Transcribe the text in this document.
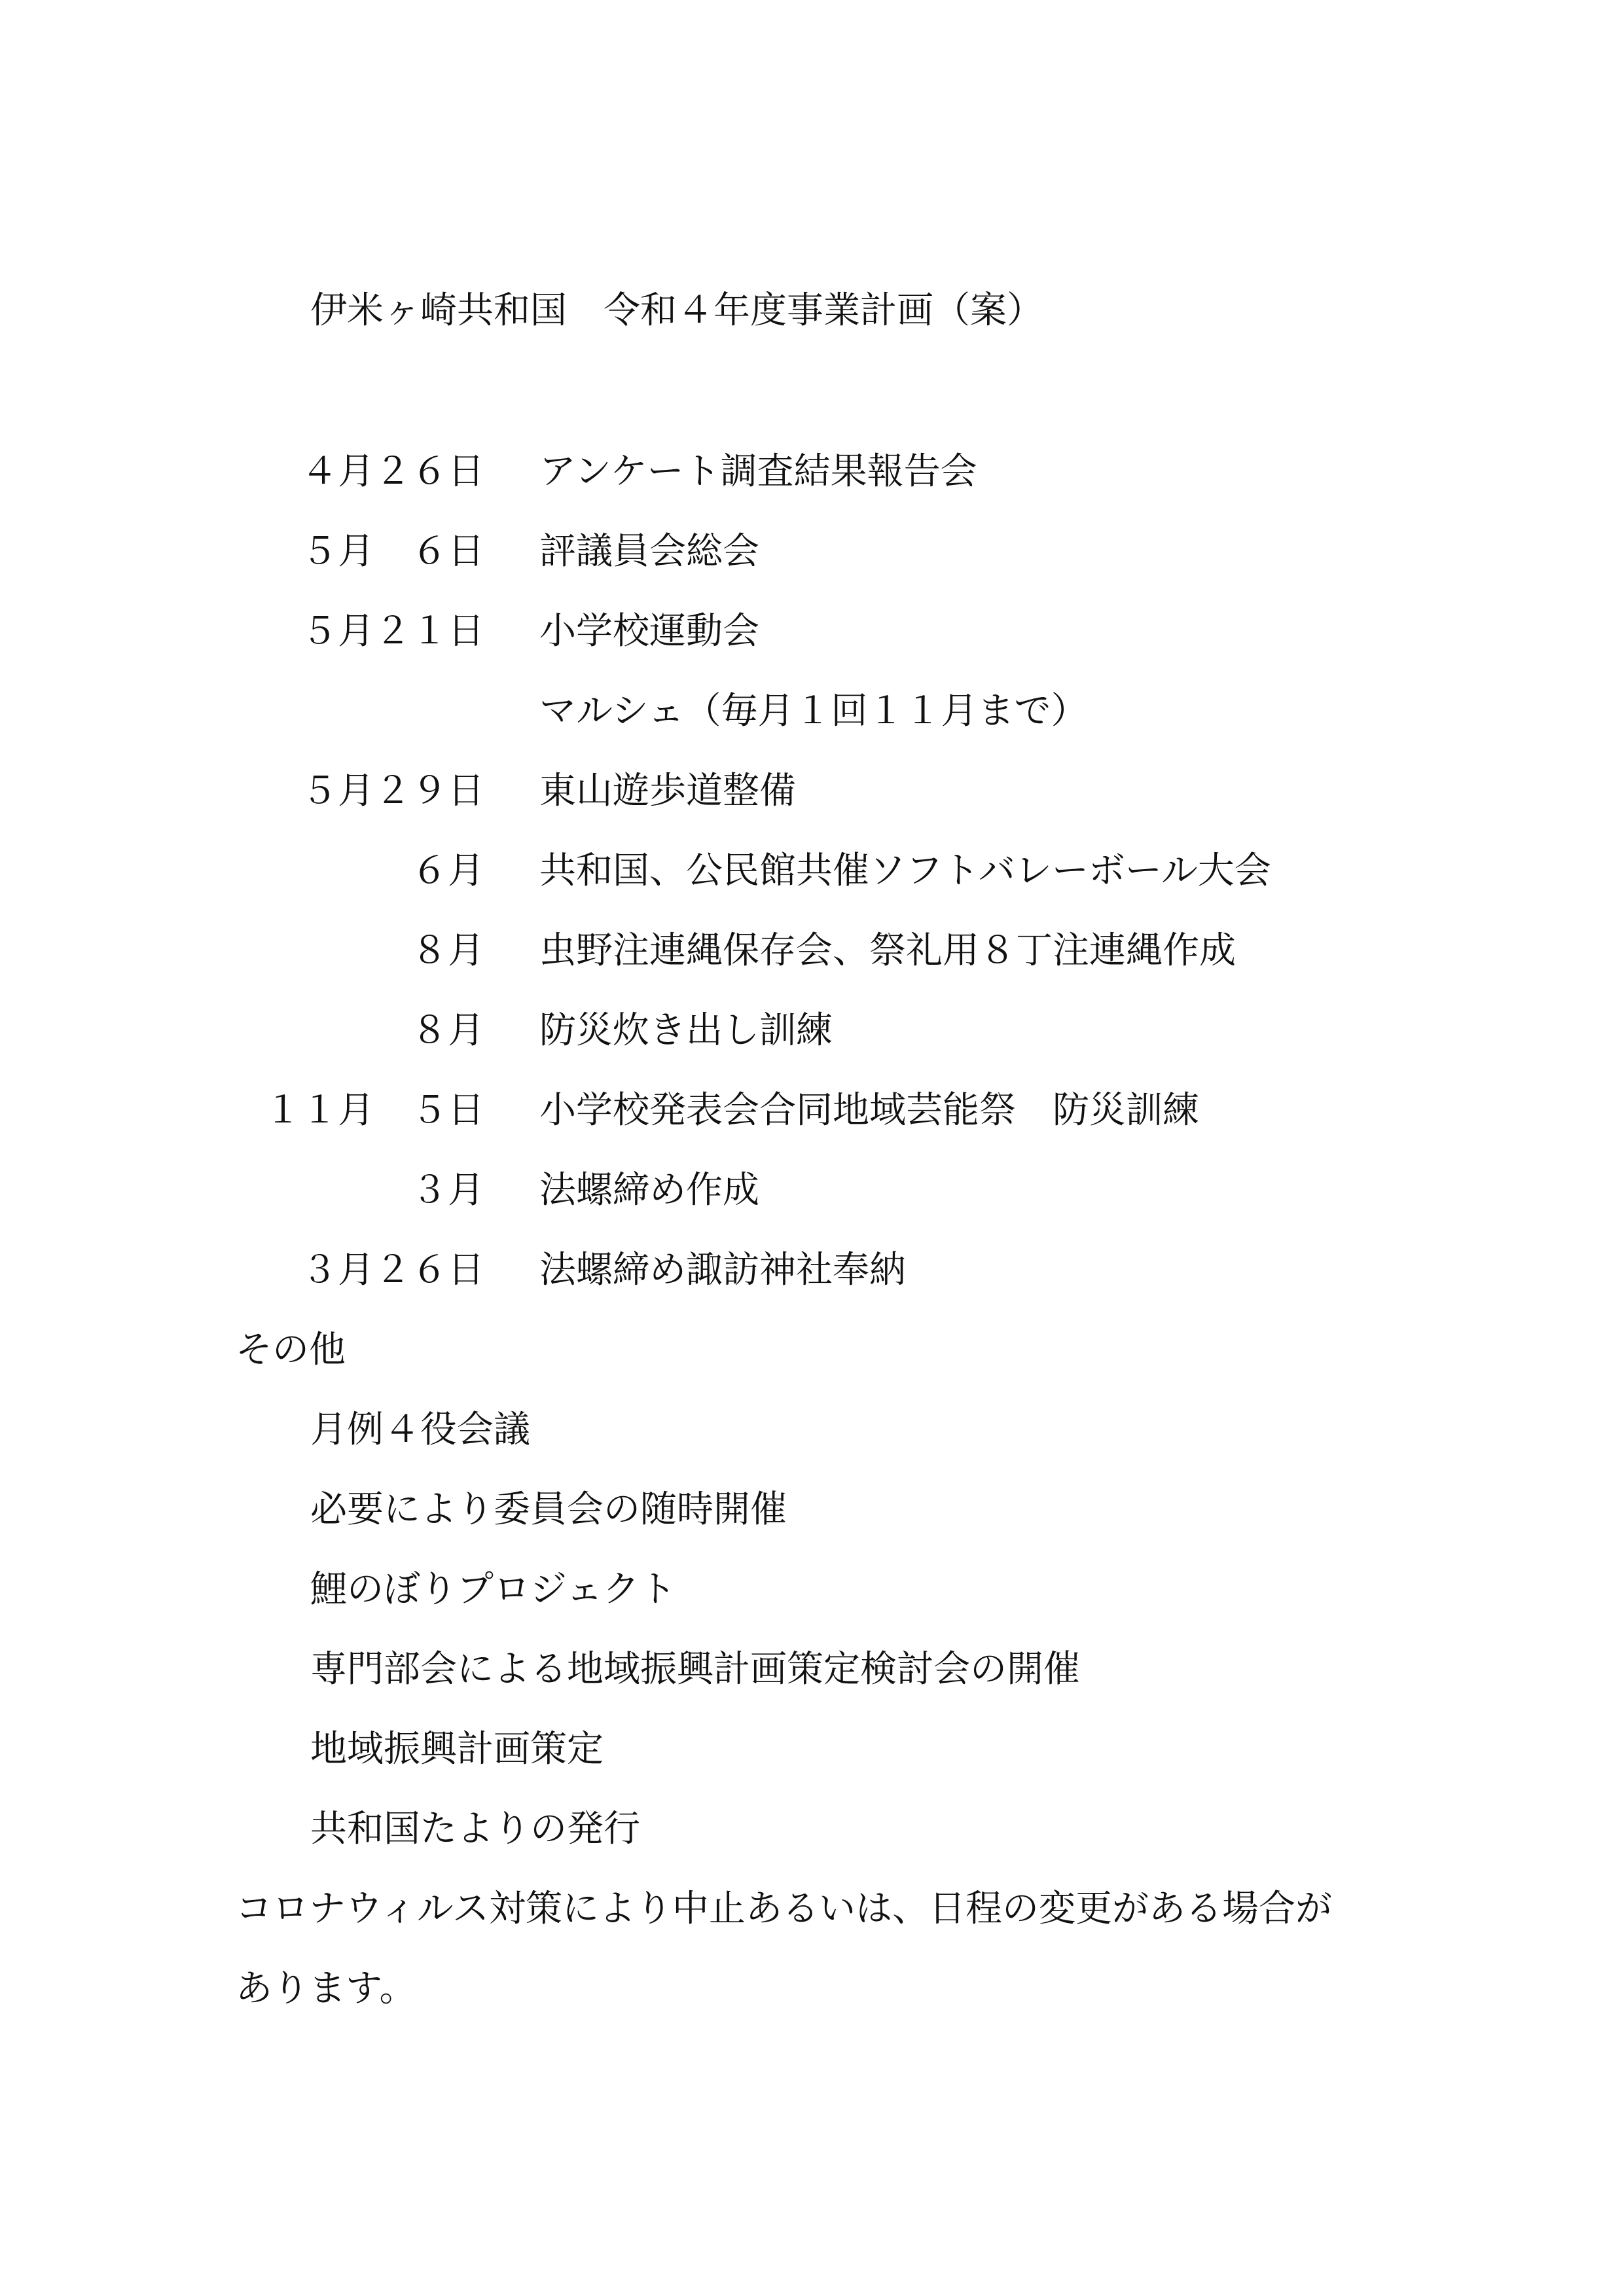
伊米ヶ崎共和国　令和４年度事業計画（案）
４月２６日 アンケート調査結果報告会
５月　６日 評議員会総会
５月２１日 小学校運動会
マルシェ（毎月１回１１月まで）
５月２９日 東山遊歩道整備
６月 共和国、公民館共催ソフトバレーボール大会
８月 虫野注連縄保存会、祭礼用８丁注連縄作成
８月 防災炊き出し訓練
１１月　５日 小学校発表会合同地域芸能祭　防災訓練
３月 法螺締め作成
３月２６日 法螺締め諏訪神社奉納
その他
月例４役会議
必要により委員会の随時開催
鯉のぼりプロジェクト
専門部会による地域振興計画策定検討会の開催
地域振興計画策定
共和国たよりの発行
コロナウィルス対策により中止あるいは、日程の変更がある場合が
あります。
